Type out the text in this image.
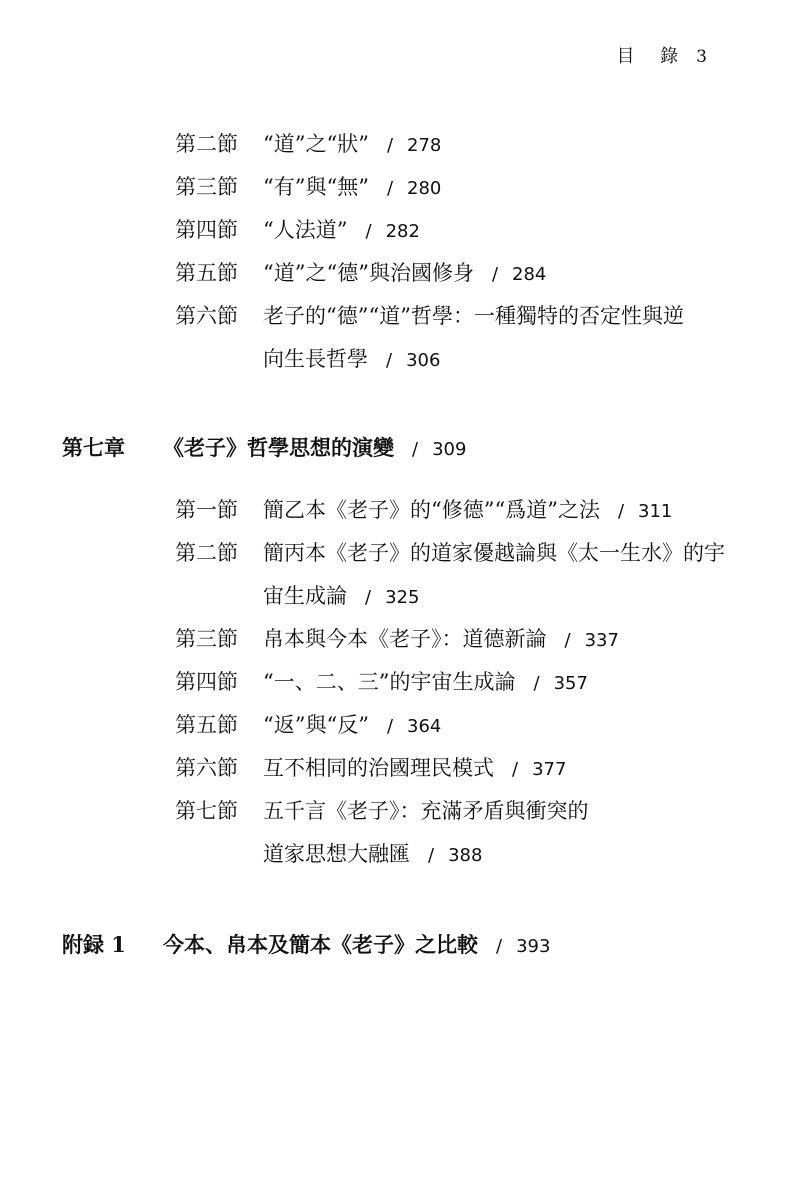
目 錄 3
第二節 “道”之“狀” / 278
第三節 “有”與“無” / 280
第四節 “人法道” / 282
第五節 “道”之“德”與治國修身 / 284
第六節 老子的“德”“道”哲學：一種獨特的否定性與逆
向生長哲學 / 306
第七章 《老子》哲學思想的演變 / 309
第一節 簡乙本《老子》的“修德”“爲道”之法 / 311
第二節 簡丙本《老子》的道家優越論與《太一生水》的宇
宙生成論 / 325
第三節 帛本與今本《老子》：道德新論 / 337
第四節 “一、二、三”的宇宙生成論 / 357
第五節 “返”與“反” / 364
第六節 互不相同的治國理民模式 / 377
第七節 五千言《老子》：充滿矛盾與衝突的
道家思想大融匯 / 388
附録 1 今本、帛本及簡本《老子》之比較 / 393
